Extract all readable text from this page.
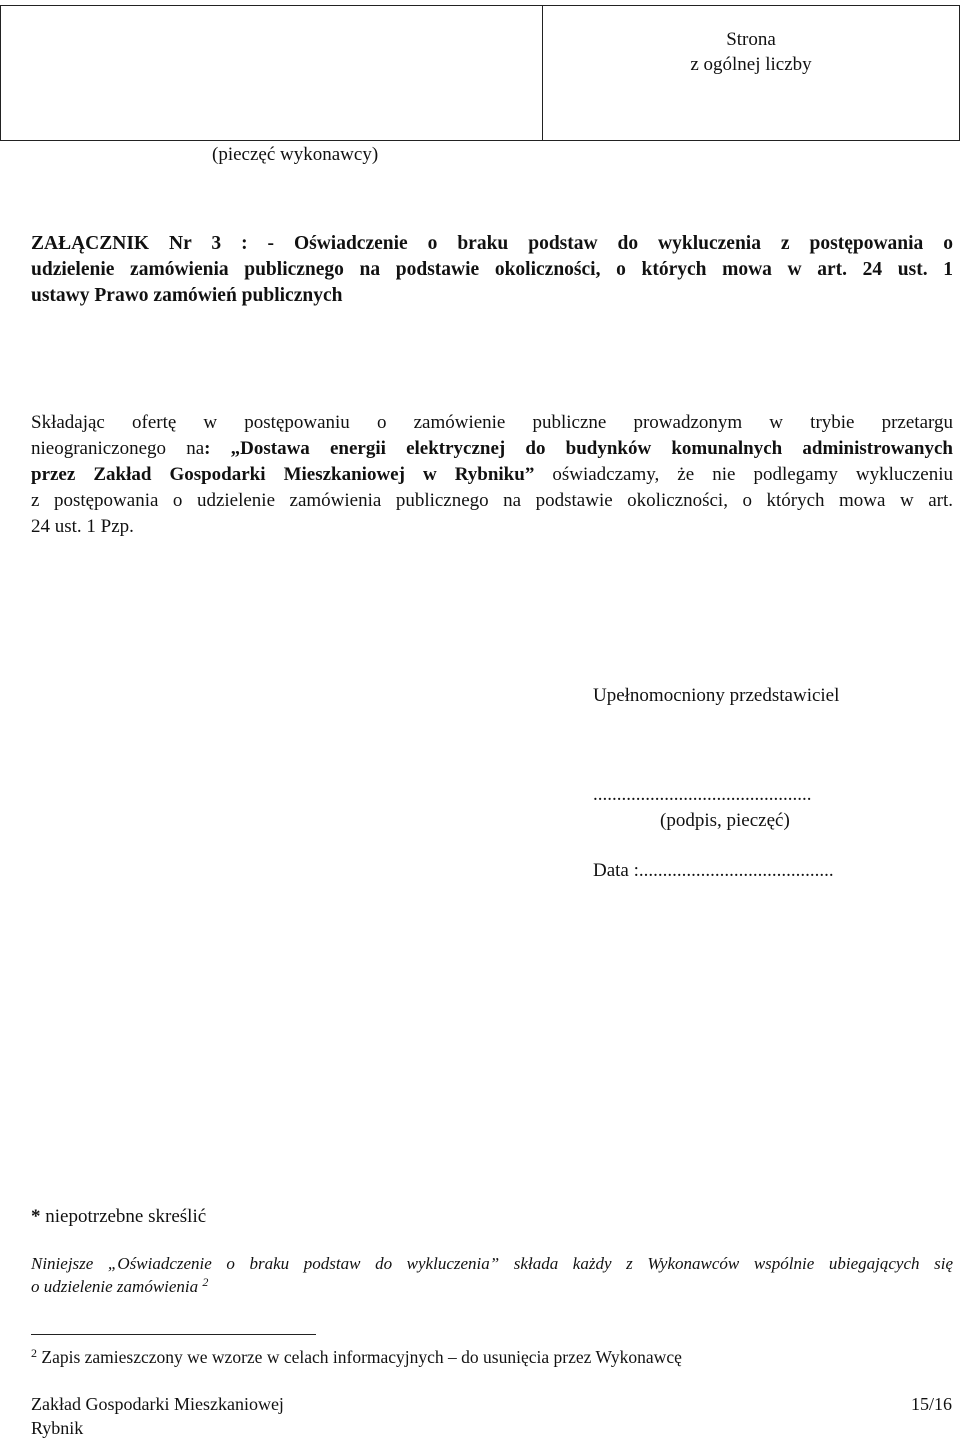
Strona
z ogólnej liczby
(pieczęć wykonawcy)
ZAŁĄCZNIK Nr 3 : - Oświadczenie o braku podstaw do wykluczenia z postępowania o
udzielenie zamówienia publicznego na podstawie okoliczności, o których mowa w art. 24 ust. 1
ustawy Prawo zamówień publicznych
Składając ofertę w postępowaniu o zamówienie publiczne prowadzonym w trybie przetargu
nieograniczonego na: „Dostawa energii elektrycznej do budynków komunalnych administrowanych
przez Zakład Gospodarki Mieszkaniowej w Rybniku” oświadczamy, że nie podlegamy wykluczeniu
z postępowania o udzielenie zamówienia publicznego na podstawie okoliczności, o których mowa w art.
24 ust. 1 Pzp.
Upełnomocniony przedstawiciel
..............................................
(podpis, pieczęć)
Data :.........................................
* niepotrzebne skreślić
Niniejsze „Oświadczenie o braku podstaw do wykluczenia” składa każdy z Wykonawców wspólnie ubiegających się
o udzielenie zamówienia $^2$
$^2$ Zapis zamieszczony we wzorze w celach informacyjnych – do usunięcia przez Wykonawcę
Zakład Gospodarki Mieszkaniowej
Rybnik
15/16
